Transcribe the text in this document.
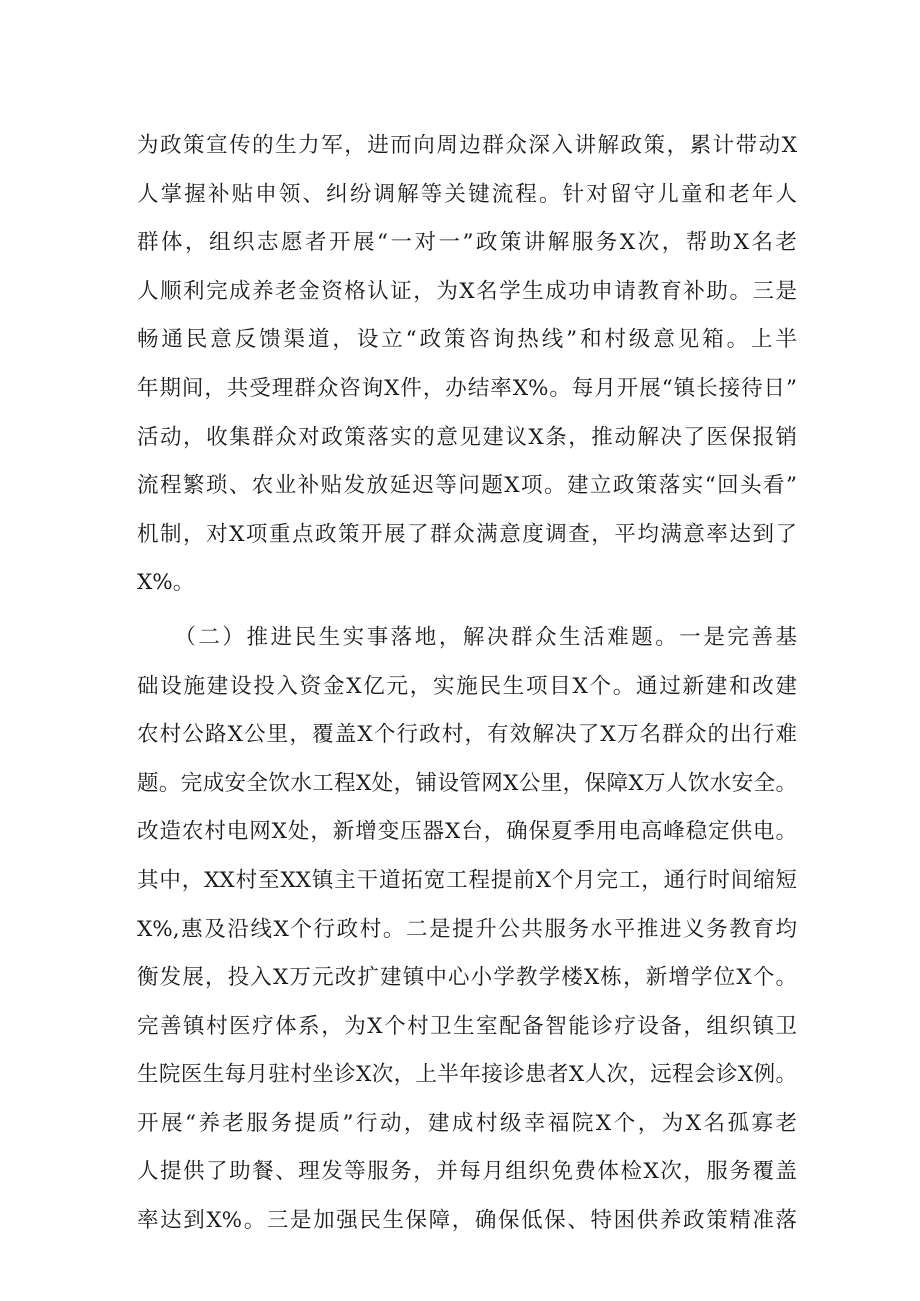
为政策宣传的生力军，进而向周边群众深入讲解政策，累计带动X
人掌握补贴申领、纠纷调解等关键流程。针对留守儿童和老年人
群体，组织志愿者开展“一对一”政策讲解服务X次，帮助X名老
人顺利完成养老金资格认证，为X名学生成功申请教育补助。三是
畅通民意反馈渠道，设立“政策咨询热线”和村级意见箱。上半
年期间，共受理群众咨询X件，办结率X%。每月开展“镇长接待日”
活动，收集群众对政策落实的意见建议X条，推动解决了医保报销
流程繁琐、农业补贴发放延迟等问题X项。建立政策落实“回头看”
机制，对X项重点政策开展了群众满意度调查，平均满意率达到了
X%。
　　（二）推进民生实事落地，解决群众生活难题。一是完善基
础设施建设投入资金X亿元，实施民生项目X个。通过新建和改建
农村公路X公里，覆盖X个行政村，有效解决了X万名群众的出行难
题。完成安全饮水工程X处，铺设管网X公里，保障X万人饮水安全。
改造农村电网X处，新增变压器X台，确保夏季用电高峰稳定供电。
其中，XX村至XX镇主干道拓宽工程提前X个月完工，通行时间缩短
X%,惠及沿线X个行政村。二是提升公共服务水平推进义务教育均
衡发展，投入X万元改扩建镇中心小学教学楼X栋，新增学位X个。
完善镇村医疗体系，为X个村卫生室配备智能诊疗设备，组织镇卫
生院医生每月驻村坐诊X次，上半年接诊患者X人次，远程会诊X例。
开展“养老服务提质”行动，建成村级幸福院X个，为X名孤寡老
人提供了助餐、理发等服务，并每月组织免费体检X次，服务覆盖
率达到X%。三是加强民生保障，确保低保、特困供养政策精准落
